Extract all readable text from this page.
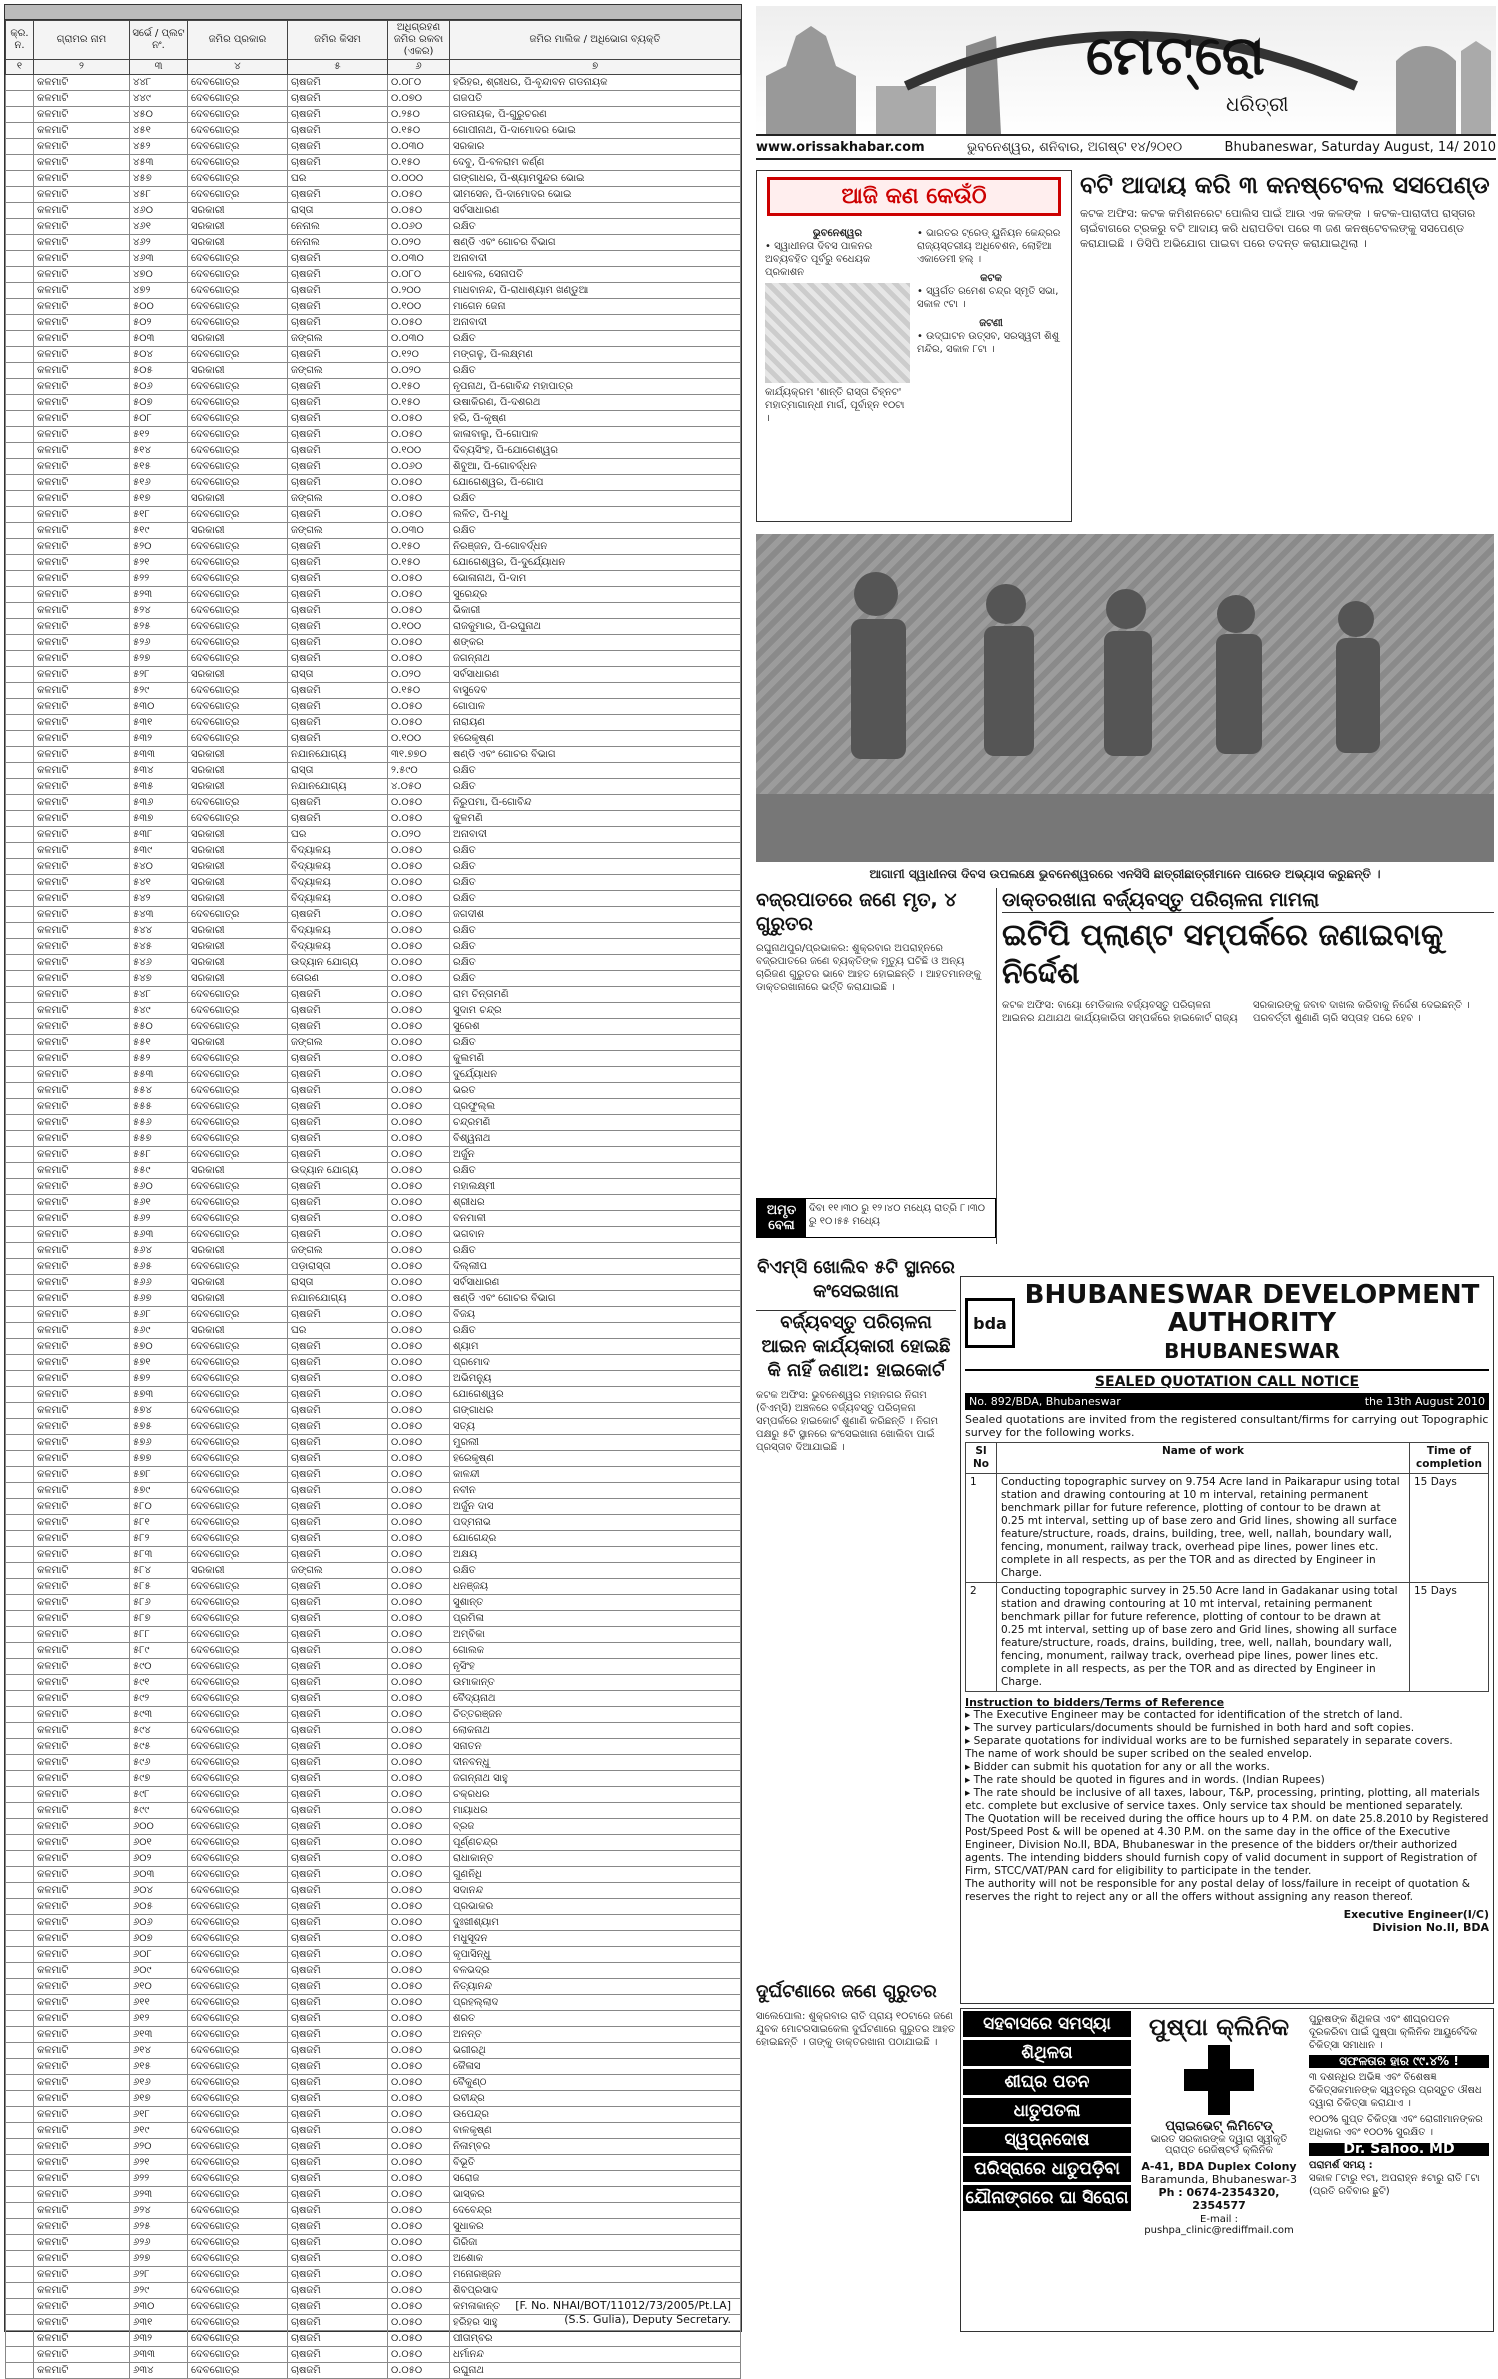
କ୍ର. ନ.	ଗ୍ରାମର ନାମ	ସର୍ଭେ / ପ୍ଲଟ ନଂ.	ଜମିର ପ୍ରକାର	ଜମିର କିସମ	ଅଧିଗ୍ରହଣ ଜମିର ରକବା (ଏକର)	ଜମିର ମାଲିକ / ଅଧିଭୋଗ ବ୍ୟକ୍ତି
୧	୨	୩	୪	୫	୬	୭
	କଳମାଟି	୪୪୮	ଦେବଗୋତ୍ର	ଚାଷଜମି	୦.୦୮୦	ହରିହର, ଶ୍ରୀଧର, ପି-ବୃନ୍ଦାବନ ଗଡନାୟକ
	କଳମାଟି	୪୪୯	ଦେବଗୋତ୍ର	ଚାଷଜମି	୦.୦୭୦	ଗଜପତି
	କଳମାଟି	୪୫୦	ଦେବଗୋତ୍ର	ଚାଷଜମି	୦.୨୫୦	ଗଡନାୟକ, ପି-ଗୁରୁଚରଣ
	କଳମାଟି	୪୫୧	ଦେବଗୋତ୍ର	ଚାଷଜମି	୦.୧୫୦	ଗୋପୀନାଥ, ପି-ଦାମୋଦର ଭୋଇ
	କଳମାଟି	୪୫୨	ଦେବଗୋତ୍ର	ଚାଷଜମି	୦.୦୩୦	ସରକାର
	କଳମାଟି	୪୫୩	ଦେବଗୋତ୍ର	ଚାଷଜମି	୦.୧୫୦	ଦେବୁ, ପି-ବଳରାମ କର୍ଣ୍ଣ
	କଳମାଟି	୪୫୭	ଦେବଗୋତ୍ର	ଘର	୦.୦୦୦	ଗଙ୍ଗାଧର, ପି-ଶ୍ୟାମସୁନ୍ଦର ଭୋଇ
	କଳମାଟି	୪୫୮	ଦେବଗୋତ୍ର	ଚାଷଜମି	୦.୦୫୦	ଭୀମସେନ, ପି-ଦାମୋଦର ଭୋଇ
	କଳମାଟି	୪୬୦	ସରକାରୀ	ରାସ୍ତା	୦.୦୫୦	ସର୍ବସାଧାରଣ
	କଳମାଟି	୪୬୧	ସରକାରୀ	ନେନାଲ	୦.୦୬୦	ରକ୍ଷିତ
	କଳମାଟି	୪୬୨	ସରକାରୀ	ନେନାଲ	୦.୦୨୦	ଷଣ୍ଡି ଏବଂ ଗୋଚର ବିଭାଗ
	କଳମାଟି	୪୬୩	ଦେବଗୋତ୍ର	ଚାଷଜମି	୦.୦୩୦	ଅନାବାଦୀ
	କଳମାଟି	୪୭୦	ଦେବଗୋତ୍ର	ଚାଷଜମି	୦.୦୮୦	ଧୋବଲ, ସେନାପତି
	କଳମାଟି	୪୭୨	ଦେବଗୋତ୍ର	ଚାଷଜମି	୦.୨୦୦	ମାଧବାନନ୍ଦ, ପି-ରାଧାଶ୍ୟାମ ଖଣ୍ଡୁଆ
	କଳମାଟି	୫୦୦	ଦେବଗୋତ୍ର	ଚାଷଜମି	୦.୧୦୦	ମାଗେନ ଜେନା
	କଳମାଟି	୫୦୨	ଦେବଗୋତ୍ର	ଚାଷଜମି	୦.୦୫୦	ଅନାବାଦୀ
	କଳମାଟି	୫୦୩	ସରକାରୀ	ଜଙ୍ଗଲ	୦.୦୩୦	ରକ୍ଷିତ
	କଳମାଟି	୫୦୪	ଦେବଗୋତ୍ର	ଚାଷଜମି	୦.୧୨୦	ମଙ୍ଗଳୁ, ପି-ଲକ୍ଷ୍ମଣ
	କଳମାଟି	୫୦୫	ସରକାରୀ	ଜଙ୍ଗଲ	୦.୦୨୦	ରକ୍ଷିତ
	କଳମାଟି	୫୦୬	ଦେବଗୋତ୍ର	ଚାଷଜମି	୦.୧୫୦	ନୃପନାଥ, ପି-ଗୋବିନ୍ଦ ମହାପାତ୍ର
	କଳମାଟି	୫୦୭	ଦେବଗୋତ୍ର	ଚାଷଜମି	୦.୧୫୦	ଉଷାକିରଣ, ପି-ଦଶରଥ
	କଳମାଟି	୫୦୮	ଦେବଗୋତ୍ର	ଚାଷଜମି	୦.୦୫୦	ହରି, ପି-କୃଷ୍ଣ
	କଳମାଟି	୫୧୨	ଦେବଗୋତ୍ର	ଚାଷଜମି	୦.୦୫୦	କାଳାବାଲୁ, ପି-ଗୋପାଳ
	କଳମାଟି	୫୧୪	ଦେବଗୋତ୍ର	ଚାଷଜମି	୦.୧୦୦	ଦିବ୍ୟସିଂହ, ପି-ଯୋଗେଶ୍ୱର
	କଳମାଟି	୫୧୫	ଦେବଗୋତ୍ର	ଚାଷଜମି	୦.୦୬୦	ଶିବୁଆ, ପି-ଗୋବର୍ଦ୍ଧନ
	କଳମାଟି	୫୧୬	ଦେବଗୋତ୍ର	ଚାଷଜମି	୦.୦୫୦	ଯୋଗେଶ୍ୱର, ପି-ଗୋପ
	କଳମାଟି	୫୧୭	ସରକାରୀ	ଜଙ୍ଗଲ	୦.୦୫୦	ରକ୍ଷିତ
	କଳମାଟି	୫୧୮	ଦେବଗୋତ୍ର	ଚାଷଜମି	୦.୦୫୦	ଲଳିତ, ପି-ମଧୁ
	କଳମାଟି	୫୧୯	ସରକାରୀ	ଜଙ୍ଗଲ	୦.୦୩୦	ରକ୍ଷିତ
	କଳମାଟି	୫୨୦	ଦେବଗୋତ୍ର	ଚାଷଜମି	୦.୧୫୦	ନିରଞ୍ଜନ, ପି-ଗୋବର୍ଦ୍ଧନ
	କଳମାଟି	୫୨୧	ଦେବଗୋତ୍ର	ଚାଷଜମି	୦.୧୫୦	ଯୋଗେଶ୍ୱର, ପି-ଦୁର୍ଯ୍ୟୋଧନ
	କଳମାଟି	୫୨୨	ଦେବଗୋତ୍ର	ଚାଷଜମି	୦.୦୫୦	ଭୋଳାନାଥ, ପି-ଦାମ
	କଳମାଟି	୫୨୩	ଦେବଗୋତ୍ର	ଚାଷଜମି	୦.୦୫୦	ସୁରେନ୍ଦ୍ର
	କଳମାଟି	୫୨୪	ଦେବଗୋତ୍ର	ଚାଷଜମି	୦.୦୫୦	ଭିକାରୀ
	କଳମାଟି	୫୨୫	ଦେବଗୋତ୍ର	ଚାଷଜମି	୦.୧୦୦	ରାଜକୁମାର, ପି-ରଘୁନାଥ
	କଳମାଟି	୫୨୬	ଦେବଗୋତ୍ର	ଚାଷଜମି	୦.୦୫୦	ଶଙ୍କର
	କଳମାଟି	୫୨୭	ଦେବଗୋତ୍ର	ଚାଷଜମି	୦.୦୫୦	ଜଗନ୍ନାଥ
	କଳମାଟି	୫୨୮	ସରକାରୀ	ରାସ୍ତା	୦.୦୨୦	ସର୍ବସାଧାରଣ
	କଳମାଟି	୫୨୯	ଦେବଗୋତ୍ର	ଚାଷଜମି	୦.୧୫୦	ବାସୁଦେବ
	କଳମାଟି	୫୩୦	ଦେବଗୋତ୍ର	ଚାଷଜମି	୦.୦୫୦	ଗୋପାଳ
	କଳମାଟି	୫୩୧	ଦେବଗୋତ୍ର	ଚାଷଜମି	୦.୦୫୦	ନାରାୟଣ
	କଳମାଟି	୫୩୨	ଦେବଗୋତ୍ର	ଚାଷଜମି	୦.୧୦୦	ହରେକୃଷ୍ଣ
	କଳମାଟି	୫୩୩	ସରକାରୀ	ନଯାନଯୋଗ୍ୟ	୩୧.୭୭୦	ଷଣ୍ଡି ଏବଂ ଗୋଚର ବିଭାଗ
	କଳମାଟି	୫୩୪	ସରକାରୀ	ରାସ୍ତା	୨.୫୯୦	ରକ୍ଷିତ
	କଳମାଟି	୫୩୫	ସରକାରୀ	ନଯାନଯୋଗ୍ୟ	୪.୦୫୦	ରକ୍ଷିତ
	କଳମାଟି	୫୩୬	ଦେବଗୋତ୍ର	ଚାଷଜମି	୦.୦୫୦	ନିରୁପମା, ପି-ଗୋବିନ୍ଦ
	କଳମାଟି	୫୩୭	ଦେବଗୋତ୍ର	ଚାଷଜମି	୦.୦୫୦	କୁଳମଣି
	କଳମାଟି	୫୩୮	ସରକାରୀ	ଘର	୦.୦୨୦	ଅନାବାଦୀ
	କଳମାଟି	୫୩୯	ସରକାରୀ	ବିଦ୍ୟାଳୟ	୦.୦୫୦	ରକ୍ଷିତ
	କଳମାଟି	୫୪୦	ସରକାରୀ	ବିଦ୍ୟାଳୟ	୦.୦୫୦	ରକ୍ଷିତ
	କଳମାଟି	୫୪୧	ସରକାରୀ	ବିଦ୍ୟାଳୟ	୦.୦୫୦	ରକ୍ଷିତ
	କଳମାଟି	୫୪୨	ସରକାରୀ	ବିଦ୍ୟାଳୟ	୦.୦୫୦	ରକ୍ଷିତ
	କଳମାଟି	୫୪୩	ଦେବଗୋତ୍ର	ଚାଷଜମି	୦.୦୫୦	ଜଗଦୀଶ
	କଳମାଟି	୫୪୪	ସରକାରୀ	ବିଦ୍ୟାଳୟ	୦.୦୫୦	ରକ୍ଷିତ
	କଳମାଟି	୫୪୫	ସରକାରୀ	ବିଦ୍ୟାଳୟ	୦.୦୫୦	ରକ୍ଷିତ
	କଳମାଟି	୫୪୬	ସରକାରୀ	ଉଦ୍ୟାନ ଯୋଗ୍ୟ	୦.୦୫୦	ରକ୍ଷିତ
	କଳମାଟି	୫୪୭	ସରକାରୀ	ତୋରଣ	୦.୦୫୦	ରକ୍ଷିତ
	କଳମାଟି	୫୪୮	ଦେବଗୋତ୍ର	ଚାଷଜମି	୦.୦୫୦	ରାମ ଚିନ୍ତାମଣି
	କଳମାଟି	୫୪୯	ଦେବଗୋତ୍ର	ଚାଷଜମି	୦.୦୫୦	ସୁଦାମ ଚନ୍ଦ୍ର
	କଳମାଟି	୫୫୦	ଦେବଗୋତ୍ର	ଚାଷଜମି	୦.୦୫୦	ସୁରେଶ
	କଳମାଟି	୫୫୧	ସରକାରୀ	ଜଙ୍ଗଲ	୦.୦୫୦	ରକ୍ଷିତ
	କଳମାଟି	୫୫୨	ଦେବଗୋତ୍ର	ଚାଷଜମି	୦.୦୫୦	କୁଲମଣି
	କଳମାଟି	୫୫୩	ଦେବଗୋତ୍ର	ଚାଷଜମି	୦.୦୫୦	ଦୁର୍ଯ୍ୟୋଧନ
	କଳମାଟି	୫୫୪	ଦେବଗୋତ୍ର	ଚାଷଜମି	୦.୦୫୦	ଭରତ
	କଳମାଟି	୫୫୫	ଦେବଗୋତ୍ର	ଚାଷଜମି	୦.୦୫୦	ପ୍ରଫୁଲ୍ଲ
	କଳମାଟି	୫୫୬	ଦେବଗୋତ୍ର	ଚାଷଜମି	୦.୦୫୦	ଚନ୍ଦ୍ରମଣି
	କଳମାଟି	୫୫୭	ଦେବଗୋତ୍ର	ଚାଷଜମି	୦.୦୫୦	ବିଶ୍ୱନାଥ
	କଳମାଟି	୫୫୮	ଦେବଗୋତ୍ର	ଚାଷଜମି	୦.୦୫୦	ଅର୍ଜୁନ
	କଳମାଟି	୫୫୯	ସରକାରୀ	ଉଦ୍ୟାନ ଯୋଗ୍ୟ	୦.୦୫୦	ରକ୍ଷିତ
	କଳମାଟି	୫୬୦	ଦେବଗୋତ୍ର	ଚାଷଜମି	୦.୦୫୦	ମହାଲକ୍ଷ୍ମୀ
	କଳମାଟି	୫୬୧	ଦେବଗୋତ୍ର	ଚାଷଜମି	୦.୦୫୦	ଶ୍ରୀଧର
	କଳମାଟି	୫୬୨	ଦେବଗୋତ୍ର	ଚାଷଜମି	୦.୦୫୦	ବନମାଳୀ
	କଳମାଟି	୫୬୩	ଦେବଗୋତ୍ର	ଚାଷଜମି	୦.୦୫୦	ଭଗବାନ
	କଳମାଟି	୫୬୪	ସରକାରୀ	ଜଙ୍ଗଲ	୦.୦୫୦	ରକ୍ଷିତ
	କଳମାଟି	୫୬୫	ଦେବଗୋତ୍ର	ପଡ଼ାରାସ୍ତା	୦.୦୫୦	ଦିଲ୍ଲୀପ
	କଳମାଟି	୫୬୬	ସରକାରୀ	ରାସ୍ତା	୦.୦୫୦	ସର୍ବସାଧାରଣ
	କଳମାଟି	୫୬୭	ସରକାରୀ	ନଯାନଯୋଗ୍ୟ	୦.୦୫୦	ଷଣ୍ଡି ଏବଂ ଗୋଚର ବିଭାଗ
	କଳମାଟି	୫୬୮	ଦେବଗୋତ୍ର	ଚାଷଜମି	୦.୦୫୦	ବିଜୟ
	କଳମାଟି	୫୬୯	ସରକାରୀ	ଘର	୦.୦୫୦	ରକ୍ଷିତ
	କଳମାଟି	୫୭୦	ଦେବଗୋତ୍ର	ଚାଷଜମି	୦.୦୫୦	ଶ୍ୟାମ
	କଳମାଟି	୫୭୧	ଦେବଗୋତ୍ର	ଚାଷଜମି	୦.୦୫୦	ପ୍ରମୋଦ
	କଳମାଟି	୫୭୨	ଦେବଗୋତ୍ର	ଚାଷଜମି	୦.୦୫୦	ଅଭିମନ୍ୟୁ
	କଳମାଟି	୫୭୩	ଦେବଗୋତ୍ର	ଚାଷଜମି	୦.୦୫୦	ଯୋଗେଶ୍ୱର
	କଳମାଟି	୫୭୪	ଦେବଗୋତ୍ର	ଚାଷଜମି	୦.୦୫୦	ଗଙ୍ଗାଧର
	କଳମାଟି	୫୭୫	ଦେବଗୋତ୍ର	ଚାଷଜମି	୦.୦୫୦	ସତ୍ୟ
	କଳମାଟି	୫୭୬	ଦେବଗୋତ୍ର	ଚାଷଜମି	୦.୦୫୦	ମୁରଲୀ
	କଳମାଟି	୫୭୭	ଦେବଗୋତ୍ର	ଚାଷଜମି	୦.୦୫୦	ହରେକୃଷ୍ଣ
	କଳମାଟି	୫୭୮	ଦେବଗୋତ୍ର	ଚାଷଜମି	୦.୦୫୦	କାଳନ୍ଦୀ
	କଳମାଟି	୫୭୯	ଦେବଗୋତ୍ର	ଚାଷଜମି	୦.୦୫୦	ନବୀନ
	କଳମାଟି	୫୮୦	ଦେବଗୋତ୍ର	ଚାଷଜମି	୦.୦୫୦	ଅର୍ଜୁନ ଦାସ
	କଳମାଟି	୫୮୧	ଦେବଗୋତ୍ର	ଚାଷଜମି	୦.୦୫୦	ପଦ୍ମନାଭ
	କଳମାଟି	୫୮୨	ଦେବଗୋତ୍ର	ଚାଷଜମି	୦.୦୫୦	ଯୋଗେନ୍ଦ୍ର
	କଳମାଟି	୫୮୩	ଦେବଗୋତ୍ର	ଚାଷଜମି	୦.୦୫୦	ଅକ୍ଷୟ
	କଳମାଟି	୫୮୪	ସରକାରୀ	ଜଙ୍ଗଲ	୦.୦୫୦	ରକ୍ଷିତ
	କଳମାଟି	୫୮୫	ଦେବଗୋତ୍ର	ଚାଷଜମି	୦.୦୫୦	ଧନଞ୍ଜୟ
	କଳମାଟି	୫୮୬	ଦେବଗୋତ୍ର	ଚାଷଜମି	୦.୦୫୦	ସୁଶାନ୍ତ
	କଳମାଟି	୫୮୭	ଦେବଗୋତ୍ର	ଚାଷଜମି	୦.୦୫୦	ପ୍ରମିଳା
	କଳମାଟି	୫୮୮	ଦେବଗୋତ୍ର	ଚାଷଜମି	୦.୦୫୦	ଅମ୍ବିକା
	କଳମାଟି	୫୮୯	ଦେବଗୋତ୍ର	ଚାଷଜମି	୦.୦୫୦	ଗୋଲକ
	କଳମାଟି	୫୯୦	ଦେବଗୋତ୍ର	ଚାଷଜମି	୦.୦୫୦	ନୃସିଂହ
	କଳମାଟି	୫୯୧	ଦେବଗୋତ୍ର	ଚାଷଜମି	୦.୦୫୦	ଉମାକାନ୍ତ
	କଳମାଟି	୫୯୨	ଦେବଗୋତ୍ର	ଚାଷଜମି	୦.୦୫୦	ବୈଦ୍ୟନାଥ
	କଳମାଟି	୫୯୩	ଦେବଗୋତ୍ର	ଚାଷଜମି	୦.୦୫୦	ଚିତ୍ତରଞ୍ଜନ
	କଳମାଟି	୫୯୪	ଦେବଗୋତ୍ର	ଚାଷଜମି	୦.୦୫୦	ଲୋକନାଥ
	କଳମାଟି	୫୯୫	ଦେବଗୋତ୍ର	ଚାଷଜମି	୦.୦୫୦	ସନାତନ
	କଳମାଟି	୫୯୬	ଦେବଗୋତ୍ର	ଚାଷଜମି	୦.୦୫୦	ଦୀନବନ୍ଧୁ
	କଳମାଟି	୫୯୭	ଦେବଗୋତ୍ର	ଚାଷଜମି	୦.୦୫୦	ଜଗନ୍ନାଥ ସାହୁ
	କଳମାଟି	୫୯୮	ଦେବଗୋତ୍ର	ଚାଷଜମି	୦.୦୫୦	ଚକ୍ରଧର
	କଳମାଟି	୫୯୯	ଦେବଗୋତ୍ର	ଚାଷଜମି	୦.୦୫୦	ମାୟାଧର
	କଳମାଟି	୬୦୦	ଦେବଗୋତ୍ର	ଚାଷଜମି	୦.୦୫୦	ବ୍ରଜ
	କଳମାଟି	୬୦୧	ଦେବଗୋତ୍ର	ଚାଷଜମି	୦.୦୫୦	ପୂର୍ଣ୍ଣଚନ୍ଦ୍ର
	କଳମାଟି	୬୦୨	ଦେବଗୋତ୍ର	ଚାଷଜମି	୦.୦୫୦	ରାଧାକାନ୍ତ
	କଳମାଟି	୬୦୩	ଦେବଗୋତ୍ର	ଚାଷଜମି	୦.୦୫୦	ଗୁଣନିଧି
	କଳମାଟି	୬୦୪	ଦେବଗୋତ୍ର	ଚାଷଜମି	୦.୦୫୦	ସଦାନନ୍ଦ
	କଳମାଟି	୬୦୫	ଦେବଗୋତ୍ର	ଚାଷଜମି	୦.୦୫୦	ପ୍ରଭାକର
	କଳମାଟି	୬୦୬	ଦେବଗୋତ୍ର	ଚାଷଜମି	୦.୦୫୦	ଦୁଃଖୀଶ୍ୟାମ
	କଳମାଟି	୬୦୭	ଦେବଗୋତ୍ର	ଚାଷଜମି	୦.୦୫୦	ମଧୁସୂଦନ
	କଳମାଟି	୬୦୮	ଦେବଗୋତ୍ର	ଚାଷଜମି	୦.୦୫୦	କୃପାସିନ୍ଧୁ
	କଳମାଟି	୬୦୯	ଦେବଗୋତ୍ର	ଚାଷଜମି	୦.୦୫୦	ବଳଭଦ୍ର
	କଳମାଟି	୬୧୦	ଦେବଗୋତ୍ର	ଚାଷଜମି	୦.୦୫୦	ନିତ୍ୟାନନ୍ଦ
	କଳମାଟି	୬୧୧	ଦେବଗୋତ୍ର	ଚାଷଜମି	୦.୦୫୦	ପ୍ରହଲ୍ଲାଦ
	କଳମାଟି	୬୧୨	ଦେବଗୋତ୍ର	ଚାଷଜମି	୦.୦୫୦	ଶରତ
	କଳମାଟି	୬୧୩	ଦେବଗୋତ୍ର	ଚାଷଜମି	୦.୦୫୦	ଅନନ୍ତ
	କଳମାଟି	୬୧୪	ଦେବଗୋତ୍ର	ଚାଷଜମି	୦.୦୫୦	ଭଗୀରଥି
	କଳମାଟି	୬୧୫	ଦେବଗୋତ୍ର	ଚାଷଜମି	୦.୦୫୦	କୈଳାସ
	କଳମାଟି	୬୧୬	ଦେବଗୋତ୍ର	ଚାଷଜମି	୦.୦୫୦	ବୈକୁଣ୍ଠ
	କଳମାଟି	୬୧୭	ଦେବଗୋତ୍ର	ଚାଷଜମି	୦.୦୫୦	ରବୀନ୍ଦ୍ର
	କଳମାଟି	୬୧୮	ଦେବଗୋତ୍ର	ଚାଷଜମି	୦.୦୫୦	ଉପେନ୍ଦ୍ର
	କଳମାଟି	୬୧୯	ଦେବଗୋତ୍ର	ଚାଷଜମି	୦.୦୫୦	ବାଳକୃଷ୍ଣ
	କଳମାଟି	୬୨୦	ଦେବଗୋତ୍ର	ଚାଷଜମି	୦.୦୫୦	ନିଳାମ୍ବର
	କଳମାଟି	୬୨୧	ଦେବଗୋତ୍ର	ଚାଷଜମି	୦.୦୫୦	ବିଭୂତି
	କଳମାଟି	୬୨୨	ଦେବଗୋତ୍ର	ଚାଷଜମି	୦.୦୫୦	ସରୋଜ
	କଳମାଟି	୬୨୩	ଦେବଗୋତ୍ର	ଚାଷଜମି	୦.୦୫୦	ଭାସ୍କର
	କଳମାଟି	୬୨୪	ଦେବଗୋତ୍ର	ଚାଷଜମି	୦.୦୫୦	ଦେବେନ୍ଦ୍ର
	କଳମାଟି	୬୨୫	ଦେବଗୋତ୍ର	ଚାଷଜମି	୦.୦୫୦	ସୁଧାକର
	କଳମାଟି	୬୨୬	ଦେବଗୋତ୍ର	ଚାଷଜମି	୦.୦୫୦	ଗିରିଜା
	କଳମାଟି	୬୨୭	ଦେବଗୋତ୍ର	ଚାଷଜମି	୦.୦୫୦	ଅଶୋକ
	କଳମାଟି	୬୨୮	ଦେବଗୋତ୍ର	ଚାଷଜମି	୦.୦୫୦	ମନୋରଞ୍ଜନ
	କଳମାଟି	୬୨୯	ଦେବଗୋତ୍ର	ଚାଷଜମି	୦.୦୫୦	ଶିବପ୍ରସାଦ
	କଳମାଟି	୬୩୦	ଦେବଗୋତ୍ର	ଚାଷଜମି	୦.୦୫୦	କମଳାକାନ୍ତ
	କଳମାଟି	୬୩୧	ଦେବଗୋତ୍ର	ଚାଷଜମି	୦.୦୫୦	ହରିହର ସାହୁ
	କଳମାଟି	୬୩୨	ଦେବଗୋତ୍ର	ଚାଷଜମି	୦.୦୫୦	ପୀତାମ୍ବର
	କଳମାଟି	୬୩୩	ଦେବଗୋତ୍ର	ଚାଷଜମି	୦.୦୫୦	ଧର୍ମାନନ୍ଦ
	କଳମାଟି	୬୩୪	ଦେବଗୋତ୍ର	ଚାଷଜମି	୦.୦୫୦	ରଘୁନାଥ
[F. No. NHAI/BOT/11012/73/2005/Pt.LA]
(S.S. Gulia), Deputy Secretary.
ମେଟ୍ରୋ
ଧରିତ୍ରୀ
www.orissakhabar.com	ଭୁବନେଶ୍ୱର, ଶନିବାର, ଅଗଷ୍ଟ ୧୪/୨୦୧୦	Bhubaneswar, Saturday August, 14/ 2010
ଆଜି କଣ କେଉଁଠି
ଭୁବନେଶ୍ୱର
• ସ୍ୱାଧୀନତା ଦିବସ ପାଳନର ଅବ୍ୟବହିତ ପୂର୍ବରୁ ବଧେୟକ ପ୍ରକାଶନ
କାର୍ଯ୍ୟକ୍ରମ 'ଶାନ୍ତି ରାସ୍ତା ଚିହ୍ନଟ' ମହାତ୍ମାଗାନ୍ଧୀ ମାର୍ଗ, ପୂର୍ବାହ୍ନ ୧୦ଟା ।
• ଭାରତର ଟ୍ରେଡ୍ ୟୁନିୟନ କେନ୍ଦ୍ରର ରାଜ୍ୟସ୍ତରୀୟ ଅଧିବେଶନ, ଲୋହିଆ ଏକାଡେମୀ ହଲ୍ ।
କଟକ
• ସ୍ୱର୍ଗତ ରମେଶ ଚନ୍ଦ୍ର ସ୍ମୃତି ସଭା, ସକାଳ ୯ଟା ।
ଜଟଣୀ
• ଉଦ୍‌ଘାଟନ ଉତ୍ସବ, ସରସ୍ୱତୀ ଶିଶୁ ମନ୍ଦିର, ସକାଳ ୮ଟା ।
ବଟି ଆଦାୟ କରି ୩ କନଷ୍ଟେବଲ ସସପେଣ୍ଡ
କଟକ ଅଫିସ: କଟକ କମିଶନରେଟ ପୋଲିସ ପାଇଁ ଆଉ ଏକ କଳଙ୍କ । କଟକ-ପାରାଦୀପ ରାସ୍ତାର ଚାଇଁବାଗରେ ଟ୍ରକରୁ ବଟି ଆଦାୟ କରି ଧରାପଡିବା ପରେ ୩ ଜଣ କନଷ୍ଟେବଲଙ୍କୁ ସସପେଣ୍ଡ କରାଯାଇଛି । ଡିସିପି ଅଭିଯୋଗ ପାଇବା ପରେ ତଦନ୍ତ କରାଯାଇଥିଲା ।
ଆଗାମୀ ସ୍ୱାଧୀନତା ଦିବସ ଉପଲକ୍ଷେ ଭୁବନେଶ୍ୱରରେ ଏନସିସି ଛାତ୍ରୀଛାତ୍ରୀମାନେ ପାରେଡ ଅଭ୍ୟାସ କରୁଛନ୍ତି ।
ବଜ୍ରପାତରେ ଜଣେ ମୃତ, ୪ ଗୁରୁତର
ରଘୁନାଥପୁର/ପ୍ରଭାକର: ଶୁକ୍ରବାର ଅପରାହ୍ନରେ ବଜ୍ରପାତରେ ଜଣେ ବ୍ୟକ୍ତିଙ୍କ ମୃତ୍ୟୁ ଘଟିଛି ଓ ଅନ୍ୟ ଚାରିଜଣ ଗୁରୁତର ଭାବେ ଆହତ ହୋଇଛନ୍ତି । ଆହତମାନଙ୍କୁ ଡାକ୍ତରଖାନାରେ ଭର୍ତ୍ତି କରାଯାଇଛି ।
ଅମୃତ ବେଳା
ଦିବା ୧୧।୩୦ ରୁ ୧୨।୪୦ ମଧ୍ୟେ ରାତ୍ରି ୮।୩୦ ରୁ ୧୦।୫୫ ମଧ୍ୟେ
ଡାକ୍ତରଖାନା ବର୍ଜ୍ୟବସ୍ତୁ ପରିଚାଳନା ମାମଲା
ଇଟିପି ପ୍ଲାଣ୍ଟ ସମ୍ପର୍କରେ ଜଣାଇବାକୁ ନିର୍ଦ୍ଦେଶ
କଟକ ଅଫିସ: ବାୟୋ ମେଡିକାଲ ବର୍ଜ୍ୟବସ୍ତୁ ପରିଚାଳନା ଆଇନର ଯଥାଯଥ କାର୍ଯ୍ୟକାରିତା ସମ୍ପର୍କରେ ହାଇକୋର୍ଟ ରାଜ୍ୟ ସରକାରଙ୍କୁ ଜବାବ ଦାଖଲ କରିବାକୁ ନିର୍ଦ୍ଦେଶ ଦେଇଛନ୍ତି । ପରବର୍ତ୍ତୀ ଶୁଣାଣି ଚାରି ସପ୍ତାହ ପରେ ହେବ ।
ବିଏମ୍‌ସି ଖୋଲିବ ୫ଟି ସ୍ଥାନରେ କଂସେଇଖାନା
ବର୍ଜ୍ୟବସ୍ତୁ ପରିଚାଳନା ଆଇନ କାର୍ଯ୍ୟକାରୀ ହୋଇଛି କି ନାହିଁ ଜଣାଅ: ହାଇକୋର୍ଟ
କଟକ ଅଫିସ: ଭୁବନେଶ୍ୱର ମହାନଗର ନିଗମ (ବିଏମ୍‌ସି) ଅଞ୍ଚଳରେ ବର୍ଜ୍ୟବସ୍ତୁ ପରିଚାଳନା ସମ୍ପର୍କରେ ହାଇକୋର୍ଟ ଶୁଣାଣି କରିଛନ୍ତି । ନିଗମ ପକ୍ଷରୁ ୫ଟି ସ୍ଥାନରେ କଂସେଇଖାନା ଖୋଲିବା ପାଇଁ ପ୍ରସ୍ତାବ ଦିଆଯାଇଛି ।
ଦୁର୍ଘଟଣାରେ ଜଣେ ଗୁରୁତର
ସାଲେପୋଲ: ଶୁକ୍ରବାର ରାତି ପ୍ରାୟ ୧୦ଟାରେ ଜଣେ ଯୁବକ ମୋଟରସାଇକେଲ ଦୁର୍ଘଟଣାରେ ଗୁରୁତର ଆହତ ହୋଇଛନ୍ତି । ତାଙ୍କୁ ଡାକ୍ତରଖାନା ପଠାଯାଇଛି ।
bda
BHUBANESWAR DEVELOPMENT AUTHORITY
BHUBANESWAR
SEALED QUOTATION CALL NOTICE
No. 892/BDA, Bhubaneswar	the 13th August 2010
Sealed quotations are invited from the registered consultant/firms for carrying out Topographic survey for the following works.
Sl No	Name of work	Time of completion
1	Conducting topographic survey on 9.754 Acre land in Paikarapur using total station and drawing contouring at 10 m interval, retaining permanent benchmark pillar for future reference, plotting of contour to be drawn at 0.25 mt interval, setting up of base zero and Grid lines, showing all surface feature/structure, roads, drains, building, tree, well, nallah, boundary wall, fencing, monument, railway track, overhead pipe lines, power lines etc. complete in all respects, as per the TOR and as directed by Engineer in Charge.	15 Days
2	Conducting topographic survey in 25.50 Acre land in Gadakanar using total station and drawing contouring at 10 mt interval, retaining permanent benchmark pillar for future reference, plotting of contour to be drawn at 0.25 mt interval, setting up of base zero and Grid lines, showing all surface feature/structure, roads, drains, building, tree, well, nallah, boundary wall, fencing, monument, railway track, overhead pipe lines, power lines etc. complete in all respects, as per the TOR and as directed by Engineer in Charge.	15 Days
Instruction to bidders/Terms of Reference
▸ The Executive Engineer may be contacted for identification of the stretch of land.
▸ The survey particulars/documents should be furnished in both hard and soft copies.
▸ Separate quotations for individual works are to be furnished separately in separate covers.
The name of work should be super scribed on the sealed envelop.
▸ Bidder can submit his quotation for any or all the works.
▸ The rate should be quoted in figures and in words. (Indian Rupees)
▸ The rate should be inclusive of all taxes, labour, T&P, processing, printing, plotting, all materials etc. complete but exclusive of service taxes. Only service tax should be mentioned separately.
The Quotation will be received during the office hours up to 4 P.M. on date 25.8.2010 by Registered Post/Speed Post & will be opened at 4.30 P.M. on the same day in the office of the Executive Engineer, Division No.II, BDA, Bhubaneswar in the presence of the bidders or/their authorized agents. The intending bidders should furnish copy of valid document in support of Registration of Firm, STCC/VAT/PAN card for eligibility to participate in the tender.
The authority will not be responsible for any postal delay of loss/failure in receipt of quotation & reserves the right to reject any or all the offers without assigning any reason thereof.
Executive Engineer(I/C)
Division No.II, BDA
ସହବାସରେ ସମସ୍ୟା
ଶିଥିଳତା
ଶୀଘ୍ର ପତନ
ଧାତୁପତଳା
ସ୍ୱପ୍ନଦୋଷ
ପରିସ୍ରାରେ ଧାତୁପଡ଼ିବା
ଯୌନାଙ୍ଗରେ ଘା ସିରୋଗ
ପୁଷ୍ପା କ୍ଲିନିକ
ପ୍ରାଇଭେଟ୍ ଲିମିଟେଡ୍
ଭାରତ ସରକାରଙ୍କ ଦ୍ୱାରା ସ୍ୱୀକୃତି ପ୍ରାପ୍ତ ରେଜିଷ୍ଟର୍ଡ କ୍ଲିନିକ
A-41, BDA Duplex Colony
Baramunda, Bhubaneswar-3
Ph : 0674-2354320, 2354577
E-mail : pushpa_clinic@rediffmail.com
ପୁରୁଷଙ୍କ ଶିଥିଳତା ଏବଂ ଶୀଘ୍ରପତନ ଦୂରକରିବା ପାଇଁ ପୁଷ୍ପା କ୍ଲିନିକ ଆୟୁର୍ବେଦିକ ଚିକିତ୍ସା ସମାଧାନ ।
ସଫଳତାର ହାର ୯୯.୪% !
୩ ଦଶନ୍ଧିର ଅଭିଜ୍ଞ ଏବଂ ବିଶେଷଜ୍ଞ ଚିକିତ୍ସକମାନଙ୍କ ସ୍ୱତନ୍ତ୍ର ପ୍ରସ୍ତୁତ ଔଷଧ ଦ୍ୱାରା ଚିକିତ୍ସା କରାଯାଏ ।
୧୦୦% ଗୁପ୍ତ ଚିକିତ୍ସା ଏବଂ ରୋଗୀମାନଙ୍କର ଅଧିକାର ଏବଂ ୧୦୦% ସୁରକ୍ଷିତ ।
Dr. Sahoo. MD
ପରାମର୍ଶ ସମୟ :
ସକାଳ ୮ଟାରୁ ୧ଟା, ଅପରାହ୍ନ ୫ଟାରୁ ରାତି ୮ଟା (ପ୍ରତି ରବିବାର ଛୁଟି)
